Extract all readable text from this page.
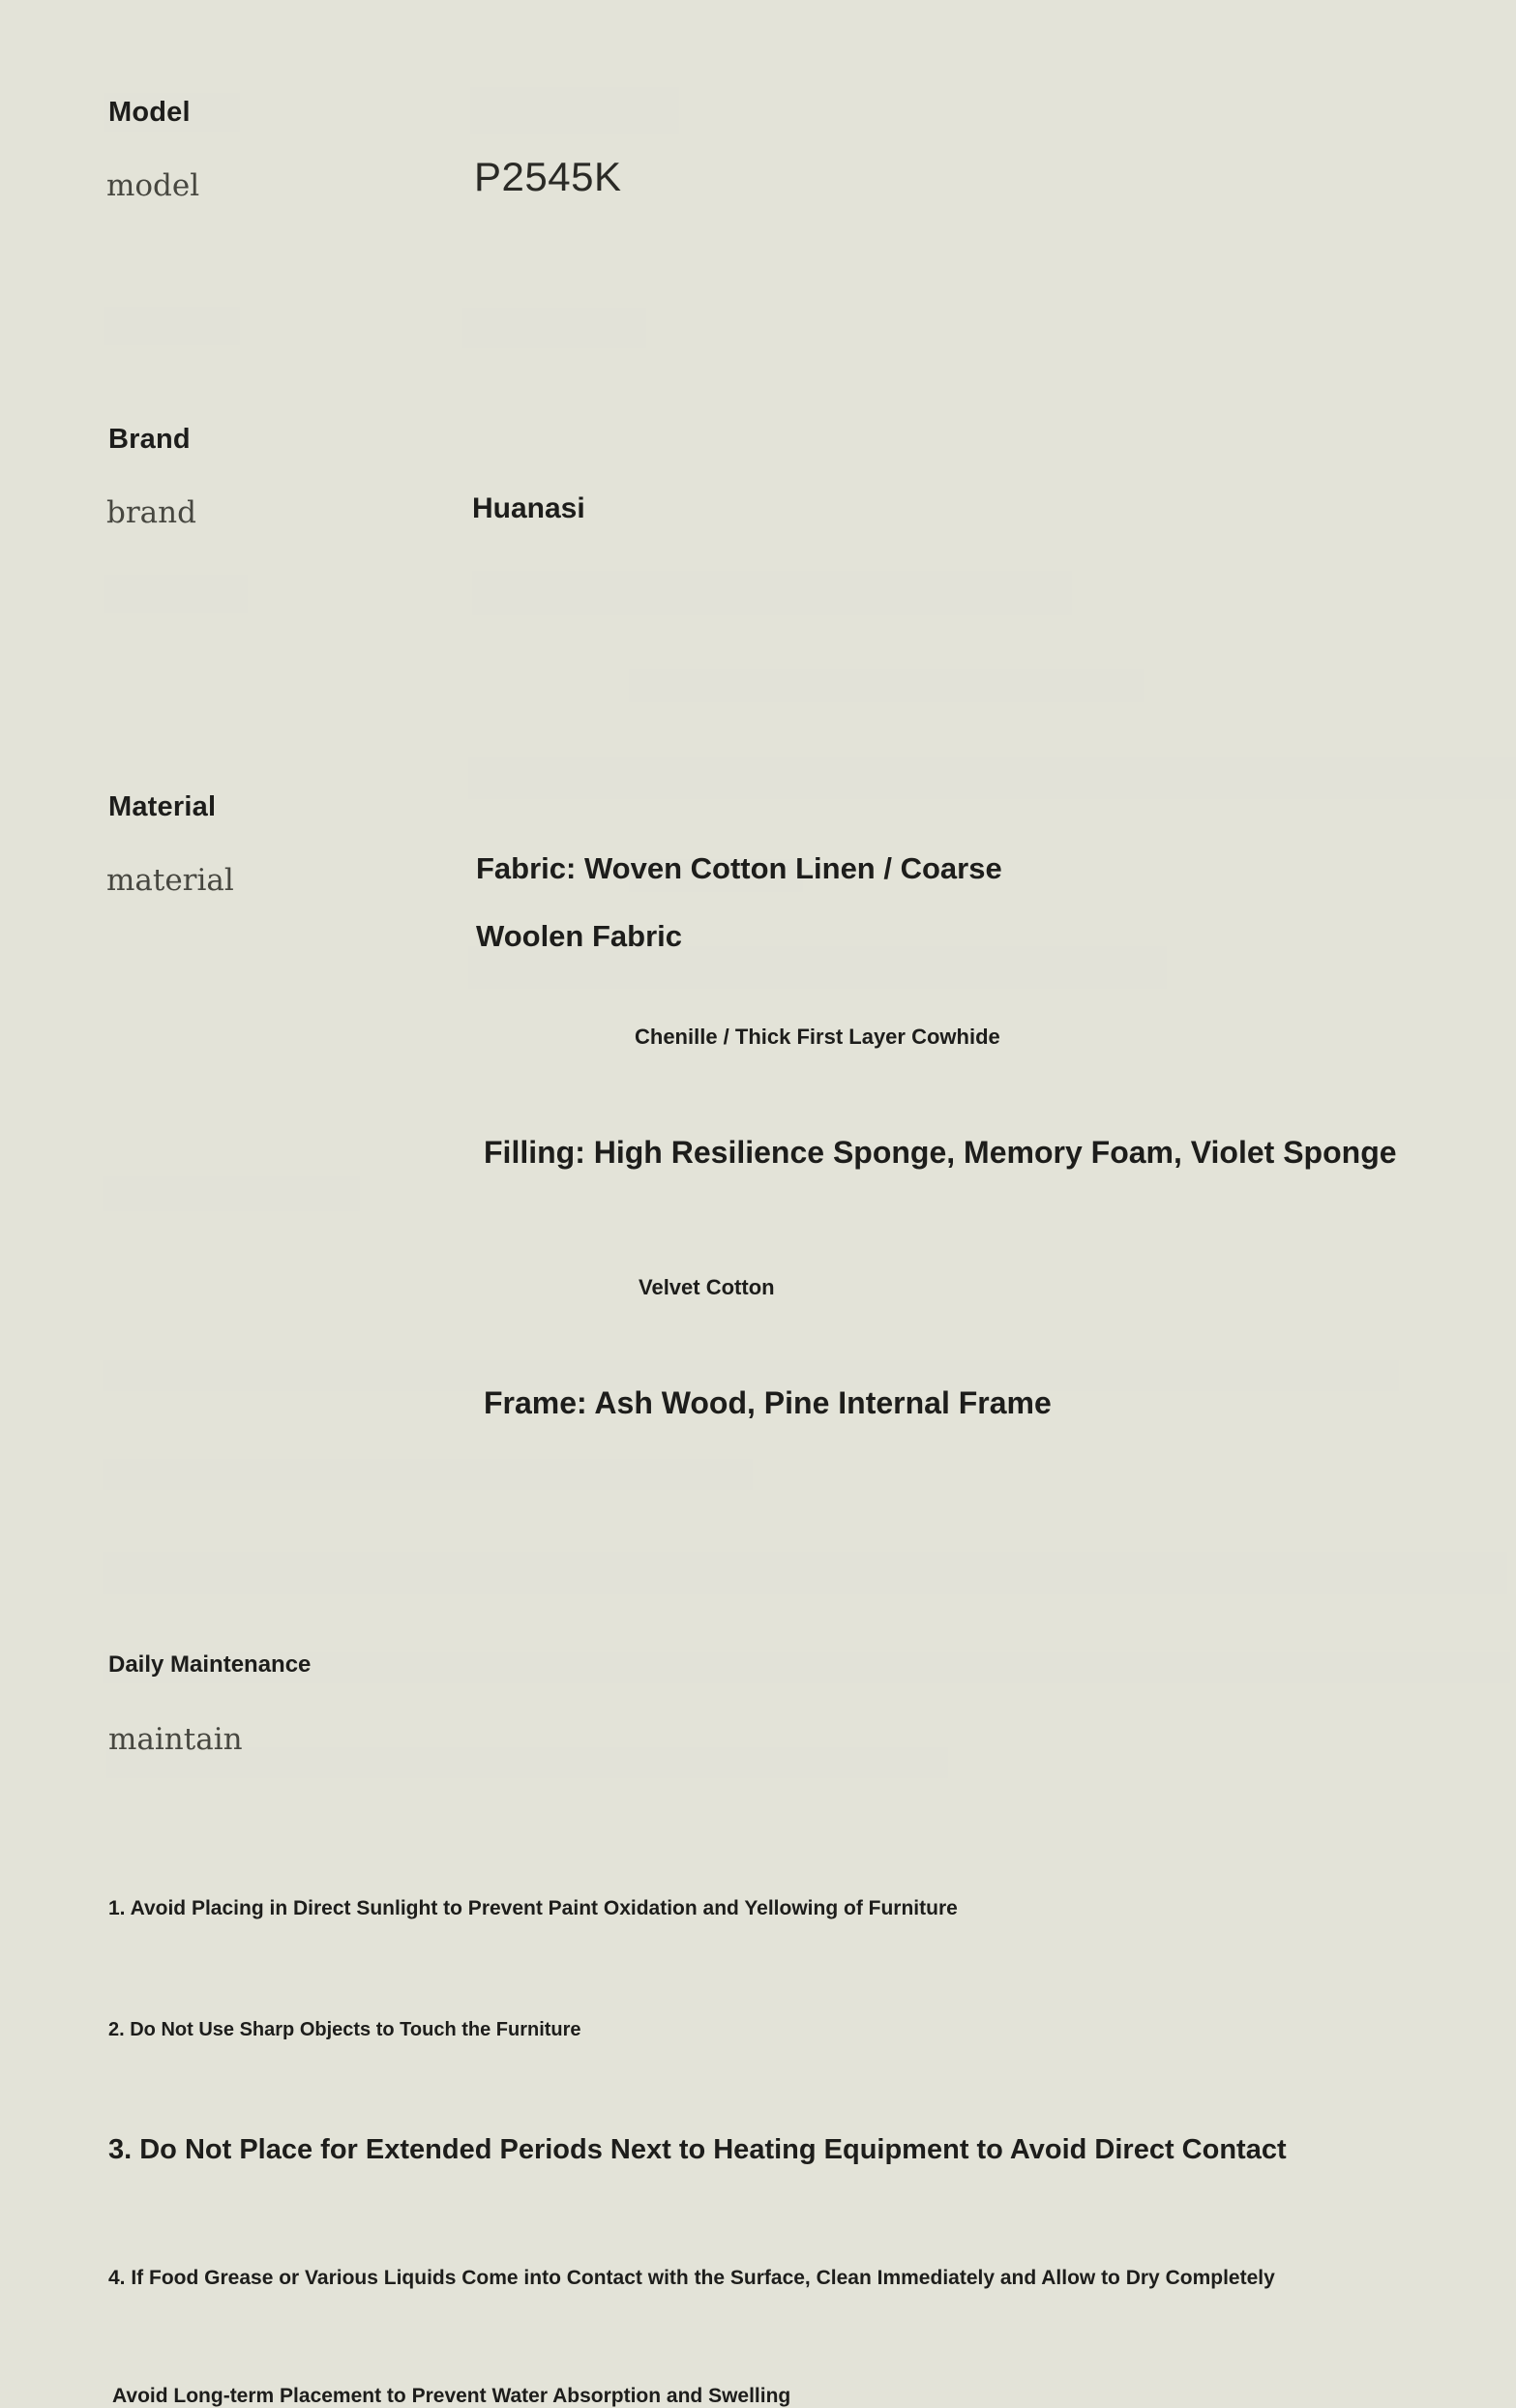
Model
model	P2545K
Brand
brand	Huanasi
Material
material	Fabric: Woven Cotton Linen / Coarse
Woolen Fabric
Chenille / Thick First Layer Cowhide
Filling: High Resilience Sponge, Memory Foam, Violet Sponge
Velvet Cotton
Frame: Ash Wood, Pine Internal Frame
Daily Maintenance
maintain
1. Avoid Placing in Direct Sunlight to Prevent Paint Oxidation and Yellowing of Furniture
2. Do Not Use Sharp Objects to Touch the Furniture
3. Do Not Place for Extended Periods Next to Heating Equipment to Avoid Direct Contact
4. If Food Grease or Various Liquids Come into Contact with the Surface, Clean Immediately and Allow to Dry Completely
Avoid Long-term Placement to Prevent Water Absorption and Swelling
